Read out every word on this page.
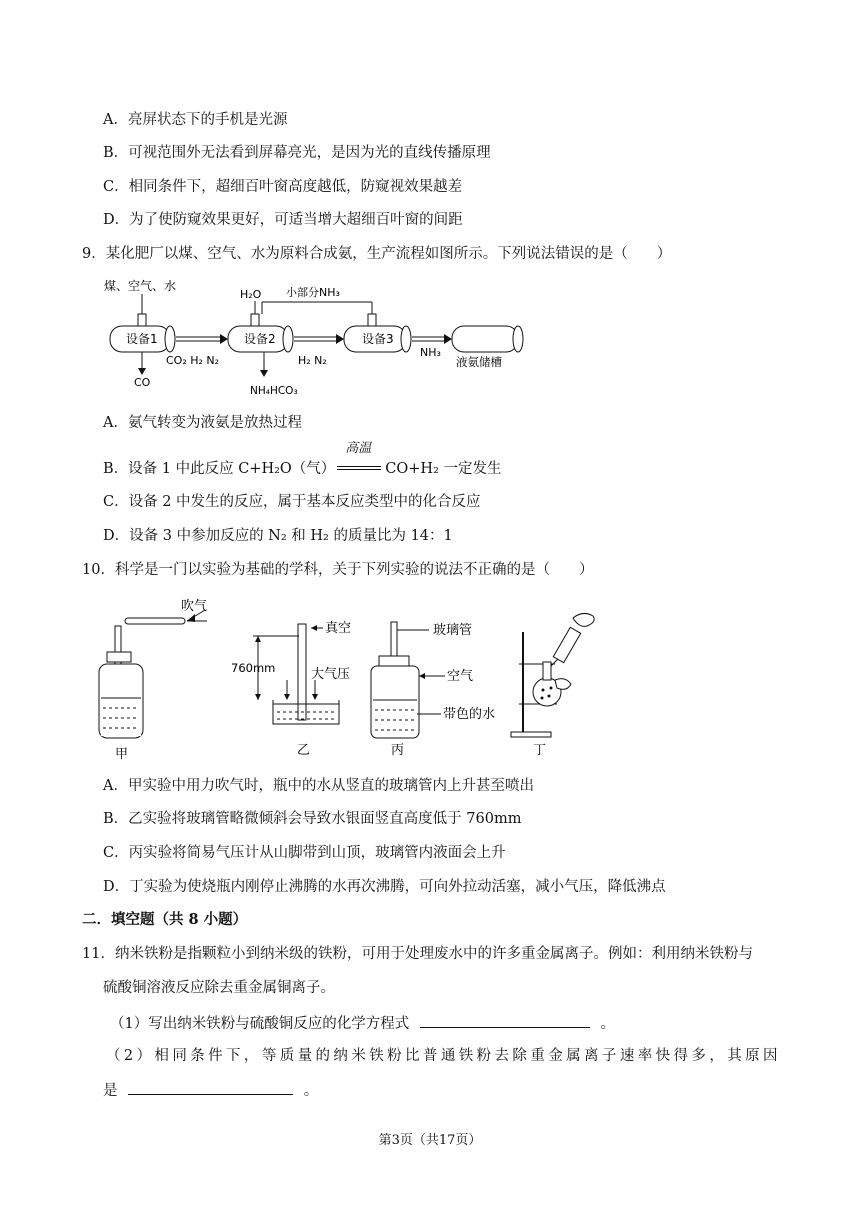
A．亮屏状态下的手机是光源
B．可视范围外无法看到屏幕亮光，是因为光的直线传播原理
C．相同条件下，超细百叶窗高度越低，防窥视效果越差
D．为了使防窥效果更好，可适当增大超细百叶窗的间距
9．某化肥厂以煤、空气、水为原料合成氨，生产流程如图所示。下列说法错误的是（　　）
煤、空气、水
设备1
CO
CO₂ H₂ N₂
H₂O
设备2
NH₄HCO₃
小部分NH₃
H₂ N₂
设备3
NH₃
液氨储槽
A．氨气转变为液氨是放热过程
B．设备 1 中此反应 C+H₂O（气）
高温
CO+H₂ 一定发生
C．设备 2 中发生的反应，属于基本反应类型中的化合反应
D．设备 3 中参加反应的 N₂ 和 H₂ 的质量比为 14：1
10．科学是一门以实验为基础的学科，关于下列实验的说法不正确的是（　　）
吹气
甲
真空
760mm	大气压
乙
玻璃管
空气
带色的水
丙	丁
A．甲实验中用力吹气时，瓶中的水从竖直的玻璃管内上升甚至喷出
B．乙实验将玻璃管略微倾斜会导致水银面竖直高度低于 760mm
C．丙实验将简易气压计从山脚带到山顶，玻璃管内液面会上升
D．丁实验为使烧瓶内刚停止沸腾的水再次沸腾，可向外拉动活塞，减小气压，降低沸点
二．填空题（共 8 小题）
11．纳米铁粉是指颗粒小到纳米级的铁粉，可用于处理废水中的许多重金属离子。例如：利用纳米铁粉与
硫酸铜溶液反应除去重金属铜离子。
（1）写出纳米铁粉与硫酸铜反应的化学方程式	。
（2）相同条件下，等质量的纳米铁粉比普通铁粉去除重金属离子速率快得多，其原因
是	。
第3页（共17页）
